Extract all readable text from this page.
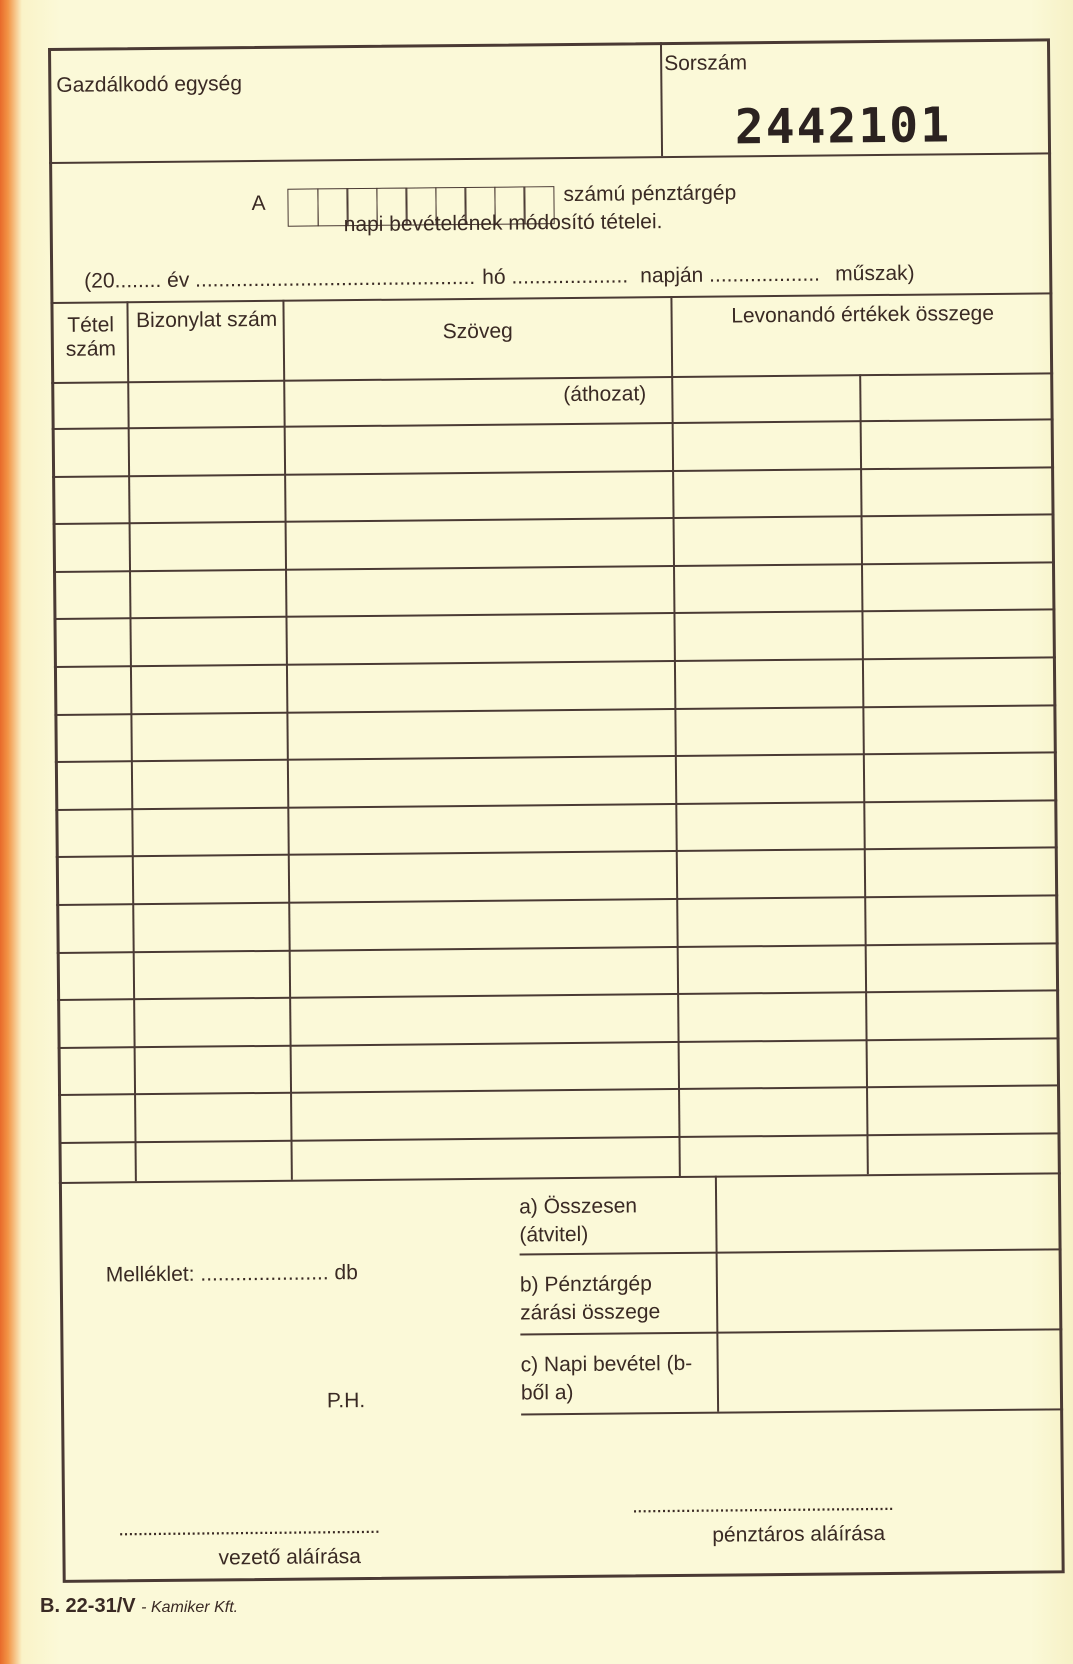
Gazdálkodó egység
Sorszám
2442101
A	számú pénztárgép
napi bevételének módosító tételei.
(20........ év ................................................ hó .................... napján ................... műszak)
Tétel szám
Bizonylat szám	Szöveg
Levonandó értékek összege
(áthozat)
a) Összesen (átvitel)
b) Pénztárgép zárási összege
c) Napi bevétel (b-ből a)
Melléklet: ...................... db
P.H.
......................................................
vezető aláírása
......................................................
pénztáros aláírása
B. 22-31/V - Kamiker Kft.
